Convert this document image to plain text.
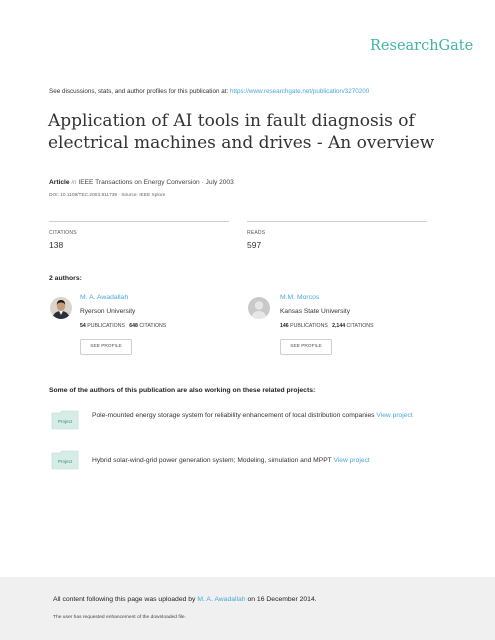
ResearchGate
See discussions, stats, and author profiles for this publication at: https://www.researchgate.net/publication/3270200
Application of AI tools in fault diagnosis of electrical machines and drives - An overview
Article in IEEE Transactions on Energy Conversion · July 2003
DOI: 10.1109/TEC.2003.811739 · Source: IEEE Xplore
CITATIONS
138
READS
597
2 authors:
M. A. Awadallah
Ryerson University
54 PUBLICATIONS 648 CITATIONS
SEE PROFILE
M.M. Morcos
Kansas State University
146 PUBLICATIONS 2,144 CITATIONS
SEE PROFILE
Some of the authors of this publication are also working on these related projects:
Project
Pole-mounted energy storage system for reliability enhancement of local distribution companies View project
Project	Hybrid solar-wind-grid power generation system; Modeling, simulation and MPPT View project
All content following this page was uploaded by M. A. Awadallah on 16 December 2014.
The user has requested enhancement of the downloaded file.
